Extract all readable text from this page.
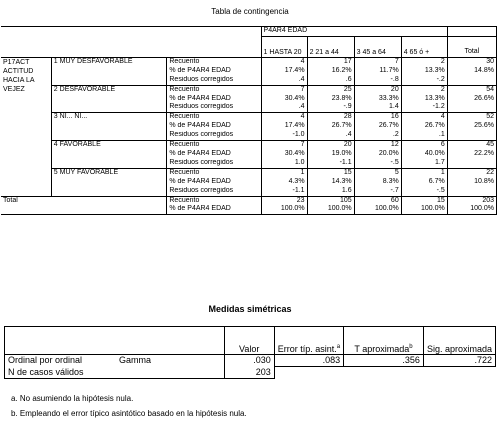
Tabla de contingencia
			P4AR4 EDAD				
			1 HASTA 20	2 21 a 44	3 45 a 64	4 65 ó +	Total
P17ACT ACTITUD HACIA LA VEJEZ	1 MUY DESFAVORABLE	Recuento	4	17	7	2	30
		% de P4AR4 EDAD	17.4%	16.2%	11.7%	13.3%	14.8%
		Residuos corregidos	.4	.6	-.8	-.2	
	2 DESFAVORABLE	Recuento	7	25	20	2	54
		% de P4AR4 EDAD	30.4%	23.8%	33.3%	13.3%	26.6%
		Residuos corregidos	.4	-.9	1.4	-1.2	
	3 NI... NI...	Recuento	4	28	16	4	52
		% de P4AR4 EDAD	17.4%	26.7%	26.7%	26.7%	25.6%
		Residuos corregidos	-1.0	.4	.2	.1	
	4 FAVORABLE	Recuento	7	20	12	6	45
		% de P4AR4 EDAD	30.4%	19.0%	20.0%	40.0%	22.2%
		Residuos corregidos	1.0	-1.1	-.5	1.7	
	5 MUY FAVORABLE	Recuento	1	15	5	1	22
		% de P4AR4 EDAD	4.3%	14.3%	8.3%	6.7%	10.8%
		Residuos corregidos	-1.1	1.6	-.7	-.5	
Total		Recuento	23	105	60	15	203
		% de P4AR4 EDAD	100.0%	100.0%	100.0%	100.0%	100.0%
Medidas simétricas
		Valor	Error típ. asint.$^a$	T aproximada$^b$	Sig. aproximada
Ordinal por ordinal	Gamma	.030	.083	.356	.722
N de casos válidos		203			
a. No asumiendo la hipótesis nula.
b. Empleando el error típico asintótico basado en la hipótesis nula.
